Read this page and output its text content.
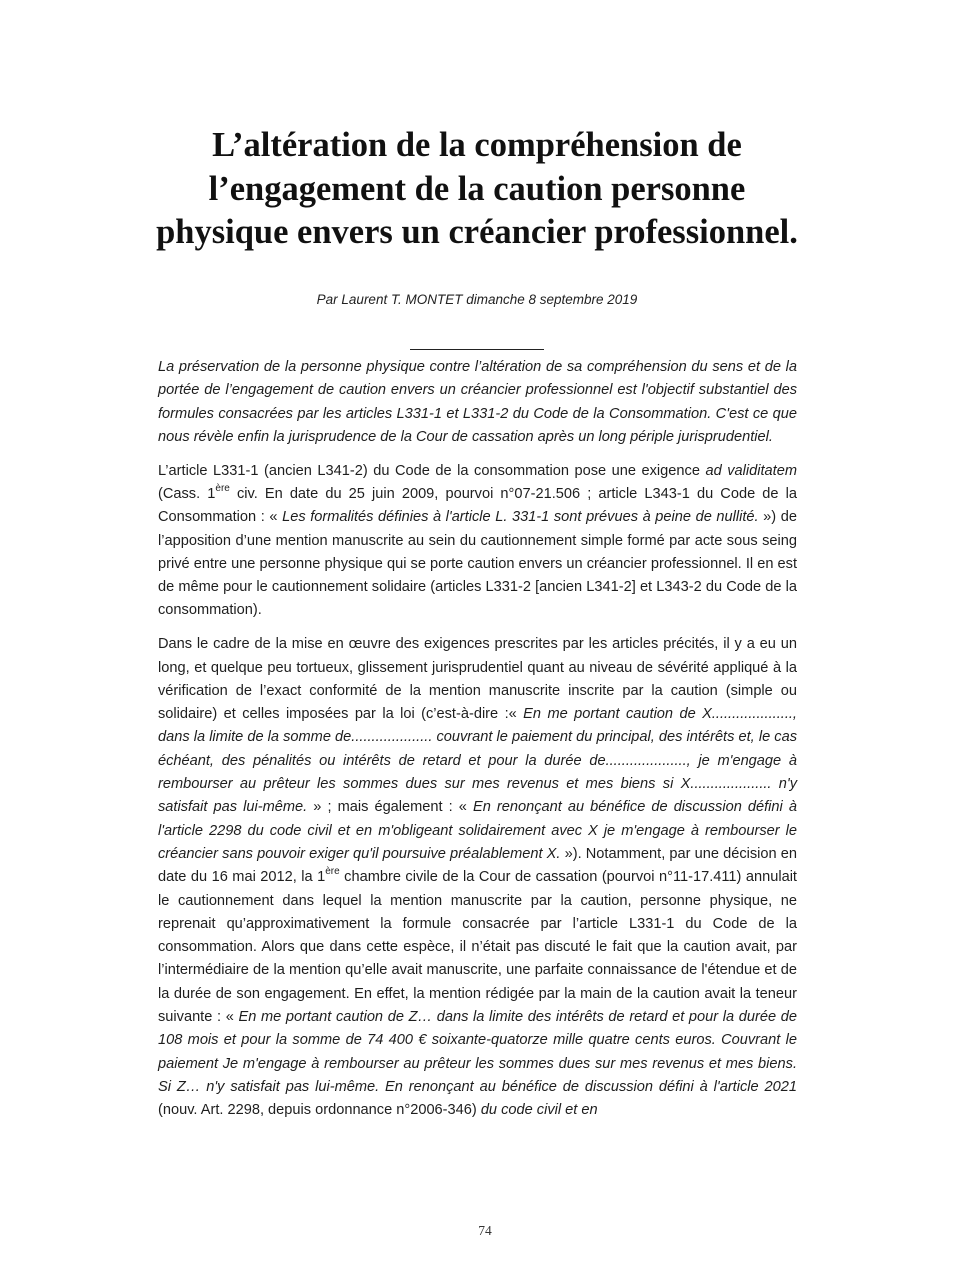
L’altération de la compréhension de l’engagement de la caution personne physique envers un créancier professionnel.
Par Laurent T. MONTET dimanche 8 septembre 2019

La préservation de la personne physique contre l’altération de sa compréhension du sens et de la portée de l’engagement de caution envers un créancier professionnel est l'objectif substantiel des formules consacrées par les articles L331-1 et L331-2 du Code de la Consommation. C'est ce que nous révèle enfin la jurisprudence de la Cour de cassation après un long périple jurisprudentiel.

L’article L331-1 (ancien L341-2) du Code de la consommation pose une exigence ad validitatem (Cass. 1ère civ. En date du 25 juin 2009, pourvoi n°07-21.506 ; article L343-1 du Code de la Consommation : « Les formalités définies à l'article L. 331-1 sont prévues à peine de nullité. ») de l’apposition d’une mention manuscrite au sein du cautionnement simple formé par acte sous seing privé entre une personne physique qui se porte caution envers un créancier professionnel. Il en est de même pour le cautionnement solidaire (articles L331-2 [ancien L341-2] et L343-2 du Code de la consommation).

Dans le cadre de la mise en œuvre des exigences prescrites par les articles précités, il y a eu un long, et quelque peu tortueux, glissement jurisprudentiel quant au niveau de sévérité appliqué à la vérification de l’exact conformité de la mention manuscrite inscrite par la caution (simple ou solidaire) et celles imposées par la loi (c’est-à-dire :« En me portant caution de X...................., dans la limite de la somme de.................... couvrant le paiement du principal, des intérêts et, le cas échéant, des pénalités ou intérêts de retard et pour la durée de...................., je m'engage à rembourser au prêteur les sommes dues sur mes revenus et mes biens si X.................... n'y satisfait pas lui-même. » ; mais également : « En renonçant au bénéfice de discussion défini à l'article 2298 du code civil et en m'obligeant solidairement avec X je m'engage à rembourser le créancier sans pouvoir exiger qu'il poursuive préalablement X. »). Notamment, par une décision en date du 16 mai 2012, la 1ère chambre civile de la Cour de cassation (pourvoi n°11-17.411) annulait le cautionnement dans lequel la mention manuscrite par la caution, personne physique, ne reprenait qu’approximativement la formule consacrée par l’article L331-1 du Code de la consommation. Alors que dans cette espèce, il n’était pas discuté le fait que la caution avait, par l’intermédiaire de la mention qu’elle avait manuscrite, une parfaite connaissance de l'étendue et de la durée de son engagement. En effet, la mention rédigée par la main de la caution avait la teneur suivante : « En me portant caution de Z… dans la limite des intérêts de retard et pour la durée de 108 mois et pour la somme de 74 400 € soixante-quatorze mille quatre cents euros. Couvrant le paiement Je m'engage à rembourser au prêteur les sommes dues sur mes revenus et mes biens. Si Z… n'y satisfait pas lui-même. En renonçant au bénéfice de discussion défini à l'article 2021 (nouv. Art. 2298, depuis ordonnance n°2006-346) du code civil et en

74
